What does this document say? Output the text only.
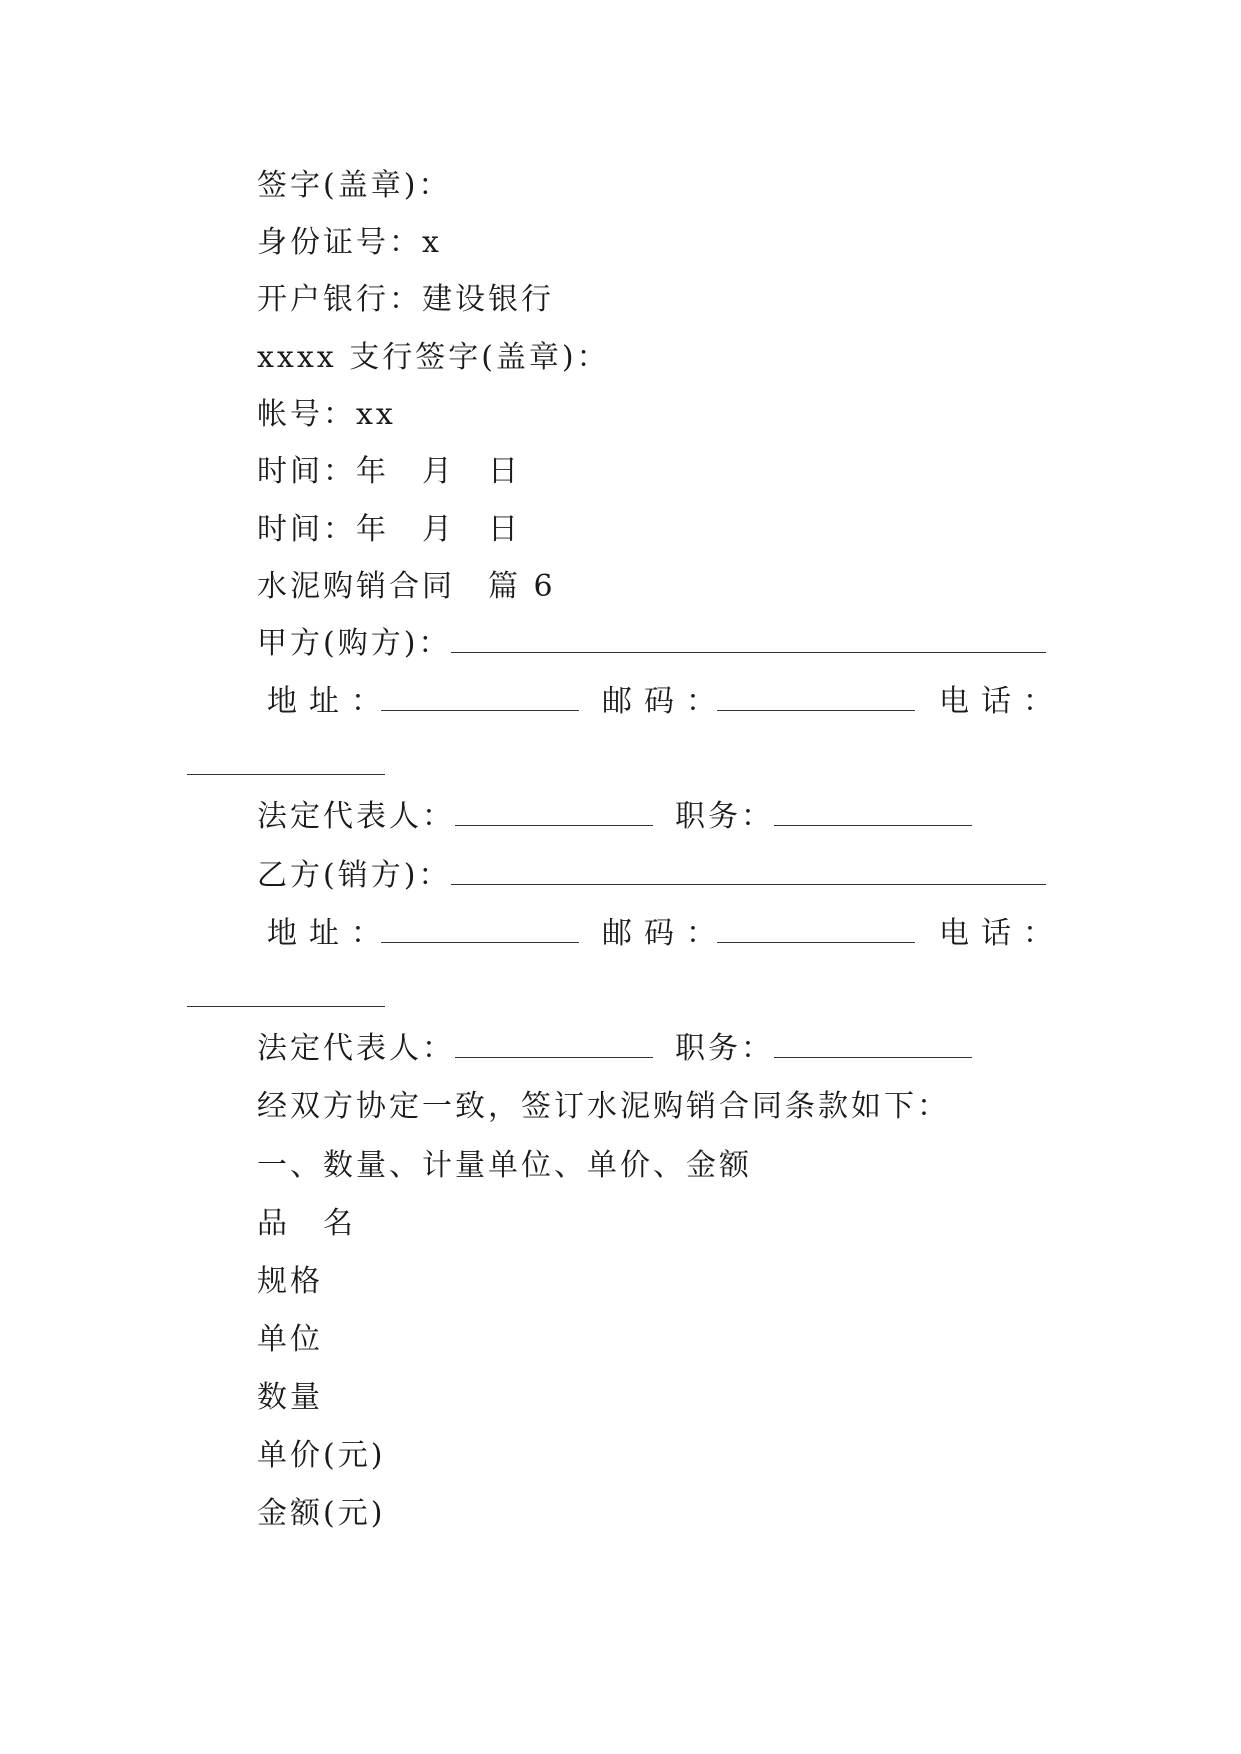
签字(盖章)：
身份证号：x
开户银行：建设银行
xxxx 支行签字(盖章)：
帐号：xx
时间：年　月　日
时间：年　月　日
水泥购销合同　篇 6
甲方(购方)：
地址：	邮码：	电话：
法定代表人：	职务：
乙方(销方)：
地址：	邮码：	电话：
法定代表人：	职务：
经双方协定一致，签订水泥购销合同条款如下：
一、数量、计量单位、单价、金额
品　名
规格
单位
数量
单价(元)
金额(元)
